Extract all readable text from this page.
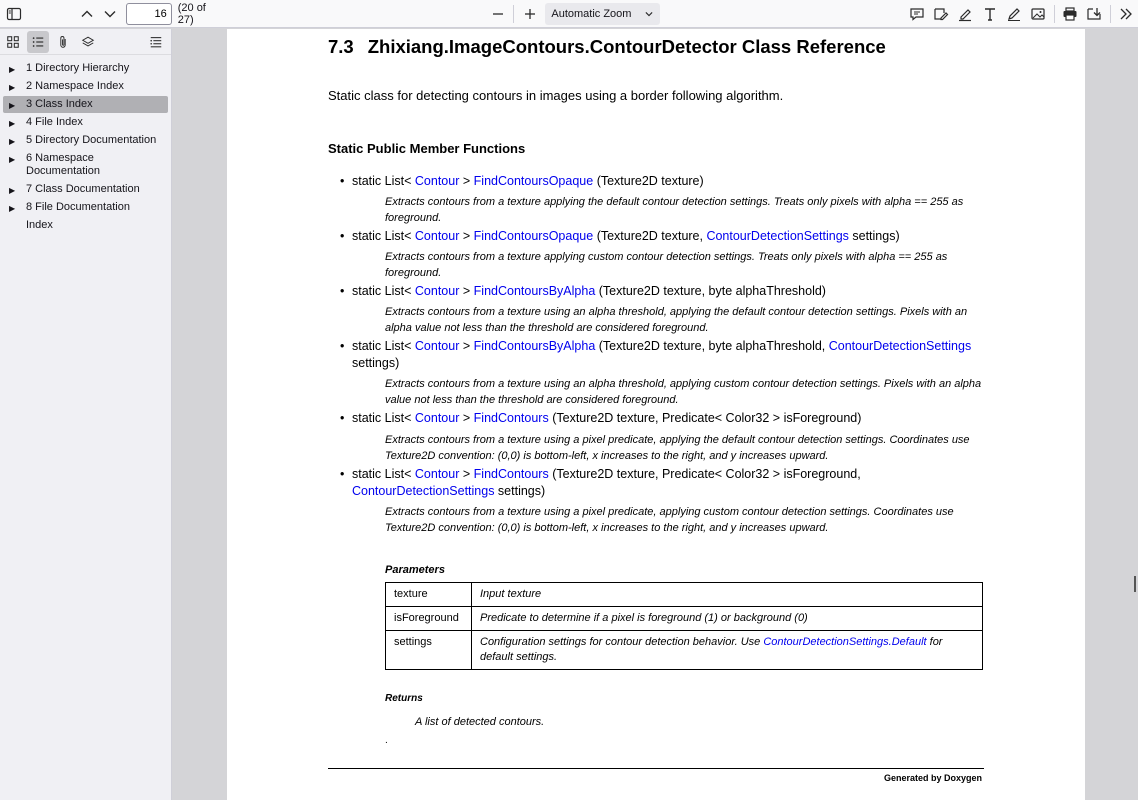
16
(20 of 27)	Automatic Zoom
▶ 1 Directory Hierarchy
▶ 2 Namespace Index
▶ 3 Class Index
▶ 4 File Index
▶ 5 Directory Documentation
▶ 6 Namespace Documentation
▶ 7 Class Documentation
▶ 8 File Documentation
Index
7.3 Zhixiang.ImageContours.ContourDetector Class Reference
Static class for detecting contours in images using a border following algorithm.
Static Public Member Functions
• static List< Contour > FindContoursOpaque (Texture2D texture)
Extracts contours from a texture applying the default contour detection settings. Treats only pixels with alpha == 255 as foreground.
• static List< Contour > FindContoursOpaque (Texture2D texture, ContourDetectionSettings settings)
Extracts contours from a texture applying custom contour detection settings. Treats only pixels with alpha == 255 as foreground.
• static List< Contour > FindContoursByAlpha (Texture2D texture, byte alphaThreshold)
Extracts contours from a texture using an alpha threshold, applying the default contour detection settings. Pixels with an alpha value not less than the threshold are considered foreground.
• static List< Contour > FindContoursByAlpha (Texture2D texture, byte alphaThreshold, ContourDetectionSettings settings)
Extracts contours from a texture using an alpha threshold, applying custom contour detection settings. Pixels with an alpha value not less than the threshold are considered foreground.
• static List< Contour > FindContours (Texture2D texture, Predicate< Color32 > isForeground)
Extracts contours from a texture using a pixel predicate, applying the default contour detection settings. Coordinates use Texture2D convention: (0,0) is bottom-left, x increases to the right, and y increases upward.
• static List< Contour > FindContours (Texture2D texture, Predicate< Color32 > isForeground, ContourDetectionSettings settings)
Extracts contours from a texture using a pixel predicate, applying custom contour detection settings. Coordinates use Texture2D convention: (0,0) is bottom-left, x increases to the right, and y increases upward.
Parameters
texture	Input texture
isForeground	Predicate to determine if a pixel is foreground (1) or background (0)
settings	Configuration settings for contour detection behavior. Use ContourDetectionSettings.Default for default settings.
Returns
A list of detected contours.
.
Generated by Doxygen
